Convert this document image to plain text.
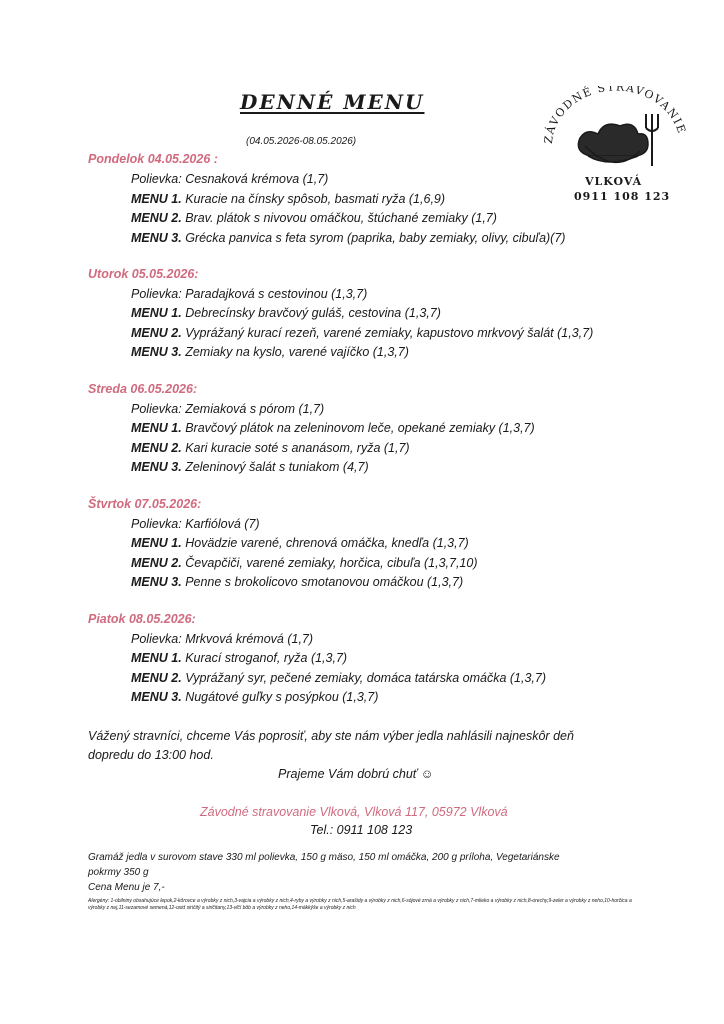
DENNÉ MENU
(04.05.2026-08.05.2026)	ZÁVODNÉ STRAVOVANIE
VLKOVÁ
0911 108 123
Pondelok 04.05.2026 :
Polievka: Cesnaková krémova (1,7)
MENU 1. Kuracie na čínsky spôsob, basmati ryža (1,6,9)
MENU 2. Brav. plátok s nivovou omáčkou, štúchané zemiaky (1,7)
MENU 3. Grécka panvica s feta syrom (paprika, baby zemiaky, olivy, cibuľa)(7)
Utorok 05.05.2026:
Polievka: Paradajková s cestovinou (1,3,7)
MENU 1. Debrecínsky bravčový guláš, cestovina (1,3,7)
MENU 2. Vyprážaný kurací rezeň, varené zemiaky, kapustovo mrkvový šalát (1,3,7)
MENU 3. Zemiaky na kyslo, varené vajíčko (1,3,7)
Streda 06.05.2026:
Polievka: Zemiaková s pórom (1,7)
MENU 1. Bravčový plátok na zeleninovom leče, opekané zemiaky (1,3,7)
MENU 2. Kari kuracie soté s ananásom, ryža (1,7)
MENU 3. Zeleninový šalát s tuniakom (4,7)
Štvrtok 07.05.2026:
Polievka: Karfiólová (7)
MENU 1. Hovädzie varené, chrenová omáčka, knedľa (1,3,7)
MENU 2. Čevapčiči, varené zemiaky, horčica, cibuľa (1,3,7,10)
MENU 3. Penne s brokolicovo smotanovou omáčkou (1,3,7)
Piatok 08.05.2026:
Polievka: Mrkvová krémová (1,7)
MENU 1. Kurací stroganof, ryža (1,3,7)
MENU 2. Vyprážaný syr, pečené zemiaky, domáca tatárska omáčka (1,3,7)
MENU 3. Nugátové guľky s posýpkou (1,3,7)
Vážený stravníci, chceme Vás poprosiť, aby ste nám výber jedla nahlásili najneskôr deň
dopredu do 13:00 hod.
Prajeme Vám dobrú chuť ☺
Závodné stravovanie Vlková, Vlková 117, 05972 Vlková
Tel.: 0911 108 123
Gramáž jedla v surovom stave 330 ml polievka, 150 g mäso, 150 ml omáčka, 200 g príloha, Vegetariánske
pokrmy 350 g
Cena Menu je 7,-
Alergény: 1-obilniny obsahujúce lepok,2-kôrovce a výrobky z nich,3-vajcia a výrobky z nich,4-ryby a výrobky z nich,5-arašidy a výrobky z nich,6-sójové zrná a výrobky z nich,7-mlieko a výrobky z nich,8-orechy,9-zeler a výrobky z neho,10-horčica a výrobky z nej,11-sezamové semená,12-oxid siričitý a siričitany,13-vlčí bôb a výrobky z neho,14-mäkkýše a výrobky z nich
